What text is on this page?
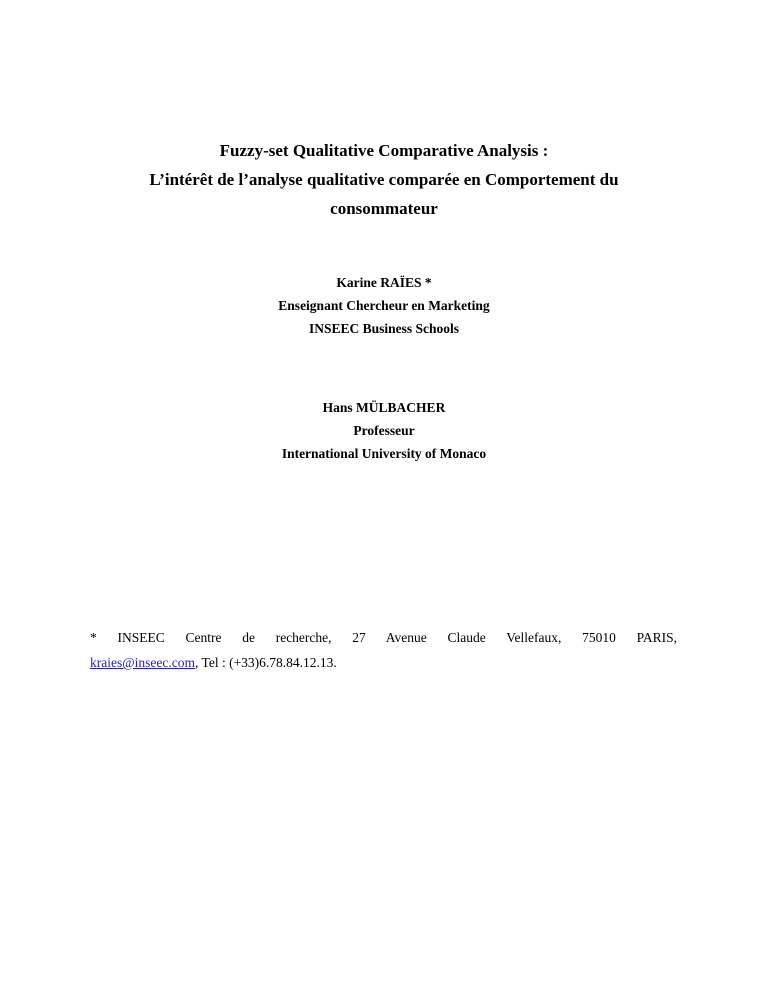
Fuzzy-set Qualitative Comparative Analysis :
L’intérêt de l’analyse qualitative comparée en Comportement du
consommateur
Karine RAÏES *
Enseignant Chercheur en Marketing
INSEEC Business Schools
Hans MÜLBACHER
Professeur
International University of Monaco
* INSEEC Centre de recherche, 27 Avenue Claude Vellefaux, 75010 PARIS,
kraies@inseec.com, Tel : (+33)6.78.84.12.13.
